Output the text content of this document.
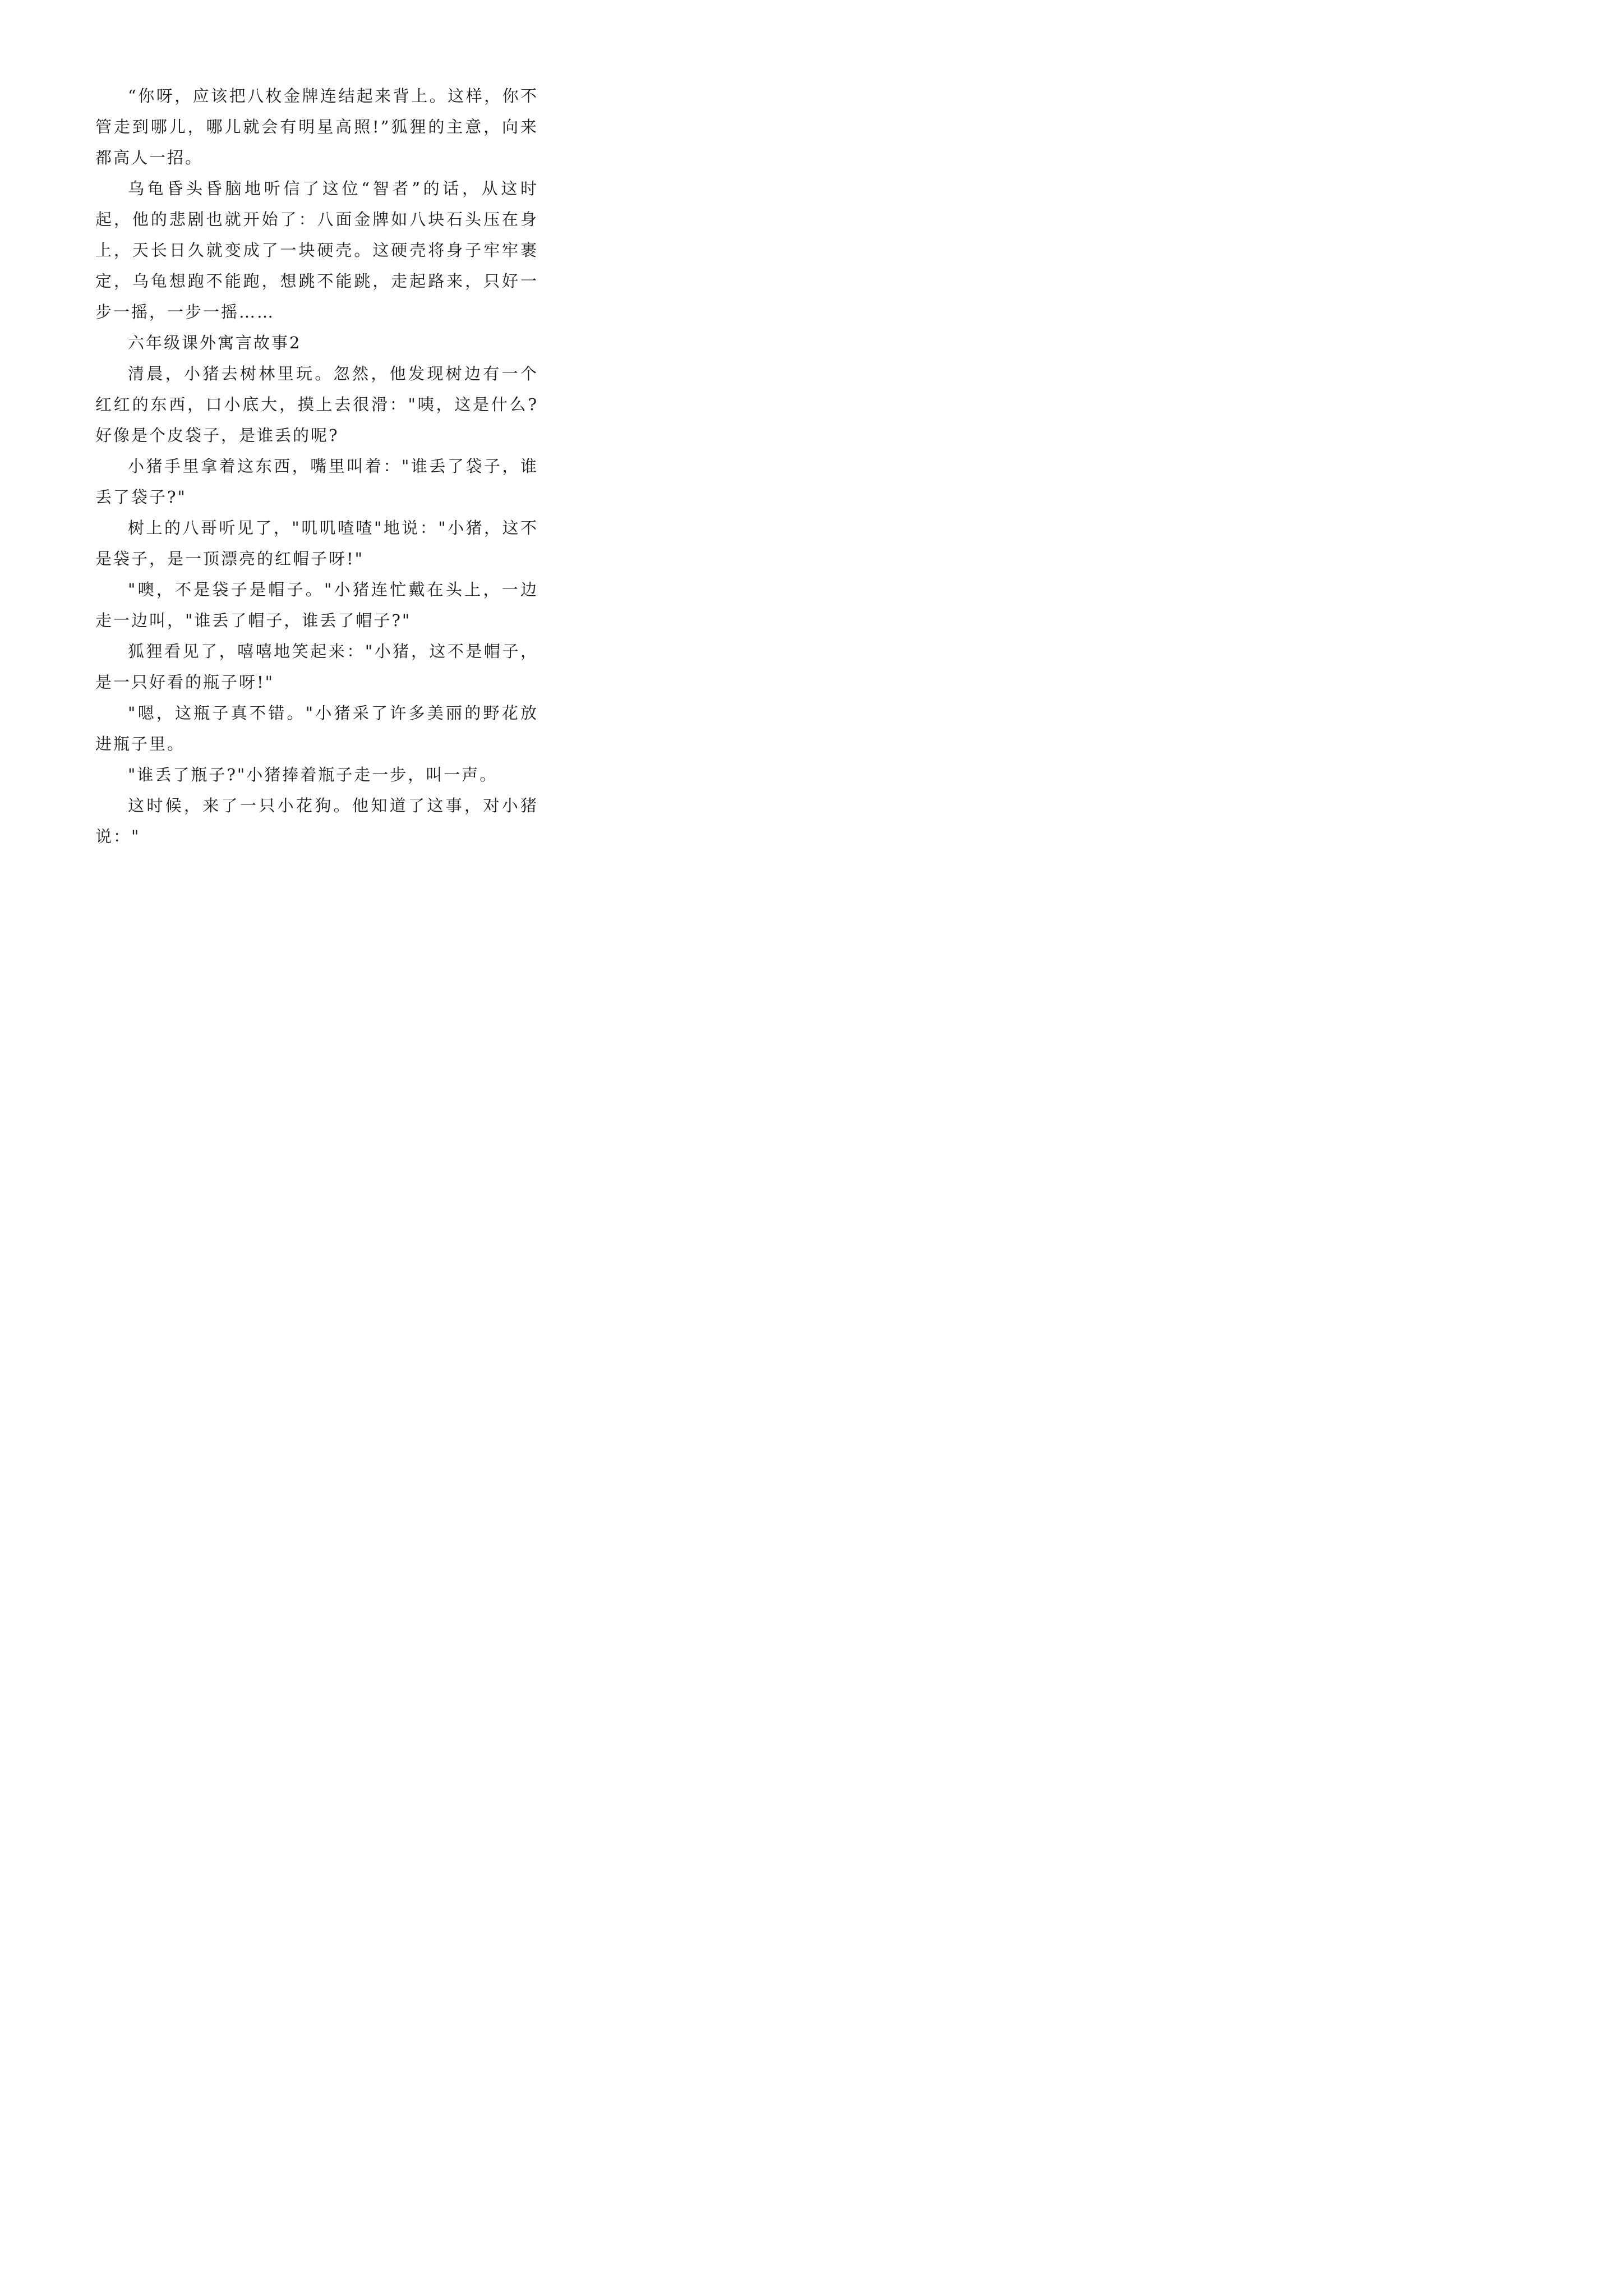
“你呀，应该把八枚金牌连结起来背上。这样，你不管走到哪儿，哪儿就会有明星高照!”狐狸的主意，向来都高人一招。

乌龟昏头昏脑地听信了这位“智者”的话，从这时起，他的悲剧也就开始了：八面金牌如八块石头压在身上，天长日久就变成了一块硬壳。这硬壳将身子牢牢裹定，乌龟想跑不能跑，想跳不能跳，走起路来，只好一步一摇，一步一摇……

六年级课外寓言故事2

清晨，小猪去树林里玩。忽然，他发现树边有一个红红的东西，口小底大，摸上去很滑："咦，这是什么?好像是个皮袋子，是谁丢的呢?

小猪手里拿着这东西，嘴里叫着："谁丢了袋子，谁丢了袋子?"

树上的八哥听见了，"叽叽喳喳"地说："小猪，这不是袋子，是一顶漂亮的红帽子呀!"

"噢，不是袋子是帽子。"小猪连忙戴在头上，一边走一边叫，"谁丢了帽子，谁丢了帽子?"

狐狸看见了，嘻嘻地笑起来："小猪，这不是帽子，是一只好看的瓶子呀!"

"嗯，这瓶子真不错。"小猪采了许多美丽的野花放进瓶子里。

"谁丢了瓶子?"小猪捧着瓶子走一步，叫一声。

这时候，来了一只小花狗。他知道了这事，对小猪说："
